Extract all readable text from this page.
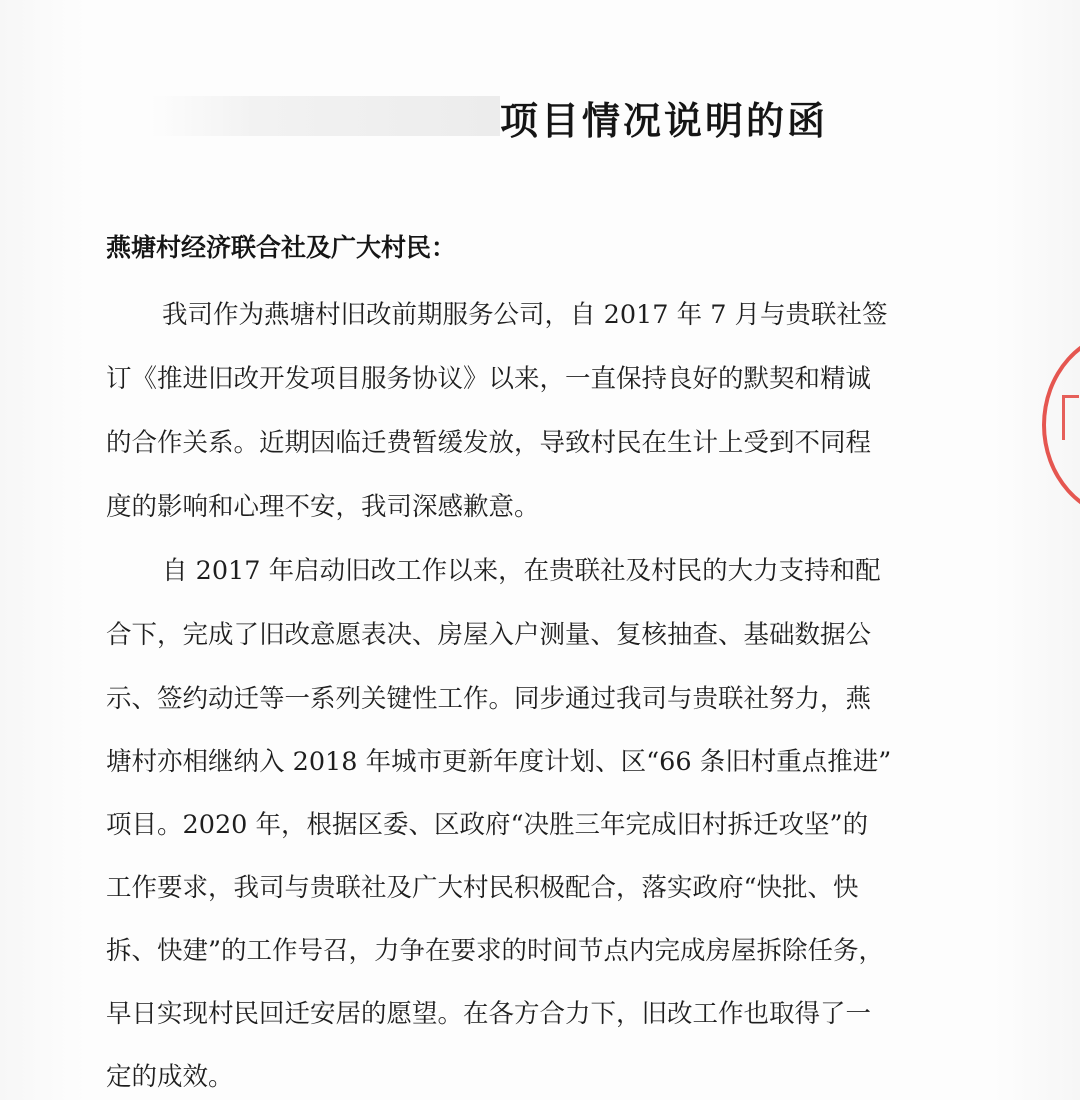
项目情况说明的函
燕塘村经济联合社及广大村民：
我司作为燕塘村旧改前期服务公司，自 2017 年 7 月与贵联社签
订《推进旧改开发项目服务协议》以来，一直保持良好的默契和精诚
的合作关系。近期因临迁费暂缓发放，导致村民在生计上受到不同程
度的影响和心理不安，我司深感歉意。
自 2017 年启动旧改工作以来，在贵联社及村民的大力支持和配
合下，完成了旧改意愿表决、房屋入户测量、复核抽查、基础数据公
示、签约动迁等一系列关键性工作。同步通过我司与贵联社努力，燕
塘村亦相继纳入 2018 年城市更新年度计划、区“66 条旧村重点推进”
项目。2020 年，根据区委、区政府“决胜三年完成旧村拆迁攻坚”的
工作要求，我司与贵联社及广大村民积极配合，落实政府“快批、快
拆、快建”的工作号召，力争在要求的时间节点内完成房屋拆除任务，
早日实现村民回迁安居的愿望。在各方合力下，旧改工作也取得了一
定的成效。
